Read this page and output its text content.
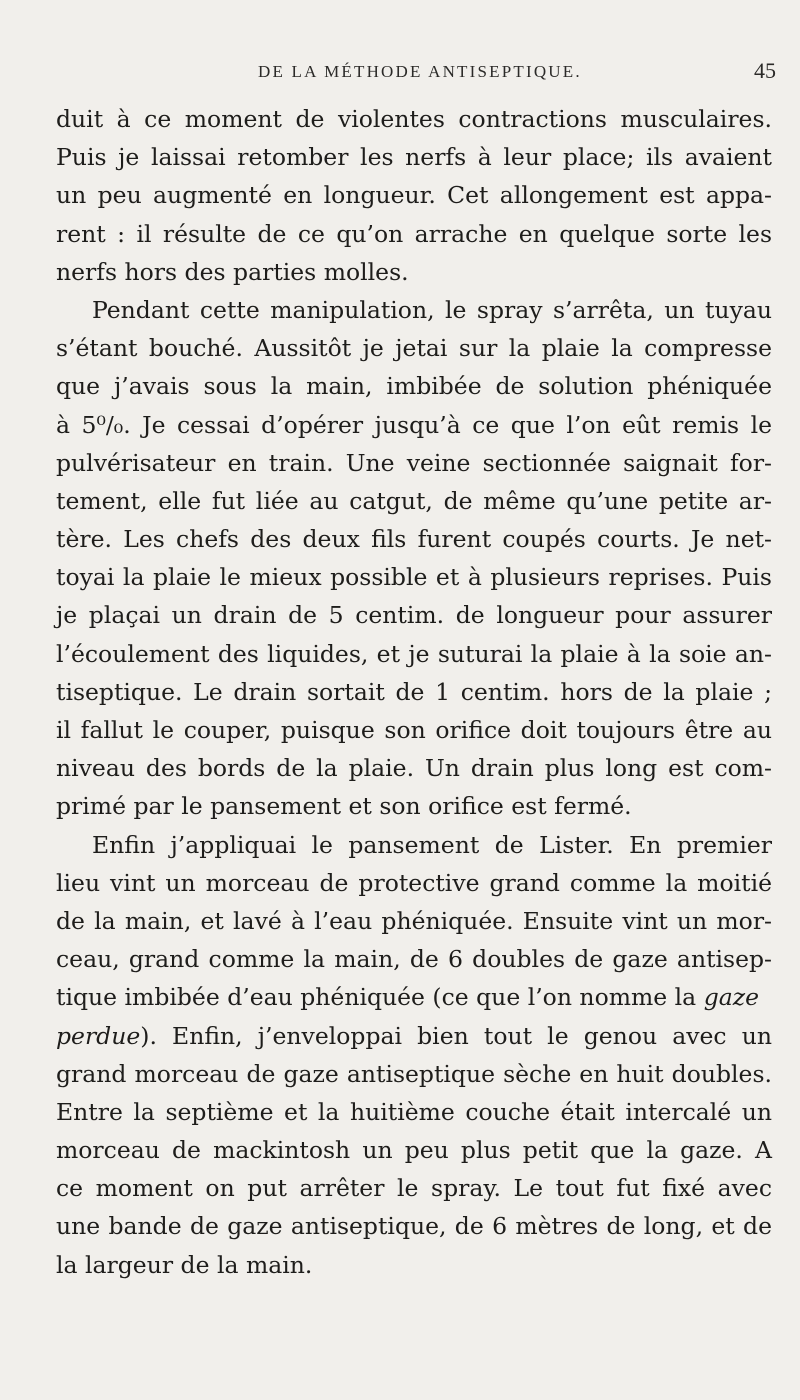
DE LA MÉTHODE ANTISEPTIQUE.	45
duit à ce moment de violentes contractions musculaires.
Puis je laissai retomber les nerfs à leur place; ils avaient
un peu augmenté en longueur. Cet allongement est appa-
rent : il résulte de ce qu’on arrache en quelque sorte les
nerfs hors des parties molles.
Pendant cette manipulation, le spray s’arrêta, un tuyau
s’étant bouché. Aussitôt je jetai sur la plaie la compresse
que j’avais sous la main, imbibée de solution phéniquée
à 5⁰/₀. Je cessai d’opérer jusqu’à ce que l’on eût remis le
pulvérisateur en train. Une veine sectionnée saignait for-
tement, elle fut liée au catgut, de même qu’une petite ar-
tère. Les chefs des deux fils furent coupés courts. Je net-
toyai la plaie le mieux possible et à plusieurs reprises. Puis
je plaçai un drain de 5 centim. de longueur pour assurer
l’écoulement des liquides, et je suturai la plaie à la soie an-
tiseptique. Le drain sortait de 1 centim. hors de la plaie ;
il fallut le couper, puisque son orifice doit toujours être au
niveau des bords de la plaie. Un drain plus long est com-
primé par le pansement et son orifice est fermé.
Enfin j’appliquai le pansement de Lister. En premier
lieu vint un morceau de protective grand comme la moitié
de la main, et lavé à l’eau phéniquée. Ensuite vint un mor-
ceau, grand comme la main, de 6 doubles de gaze antisep-
tique imbibée d’eau phéniquée (ce que l’on nomme la gaze
perdue). Enfin, j’enveloppai bien tout le genou avec un
grand morceau de gaze antiseptique sèche en huit doubles.
Entre la septième et la huitième couche était intercalé un
morceau de mackintosh un peu plus petit que la gaze. A
ce moment on put arrêter le spray. Le tout fut fixé avec
une bande de gaze antiseptique, de 6 mètres de long, et de
la largeur de la main.
